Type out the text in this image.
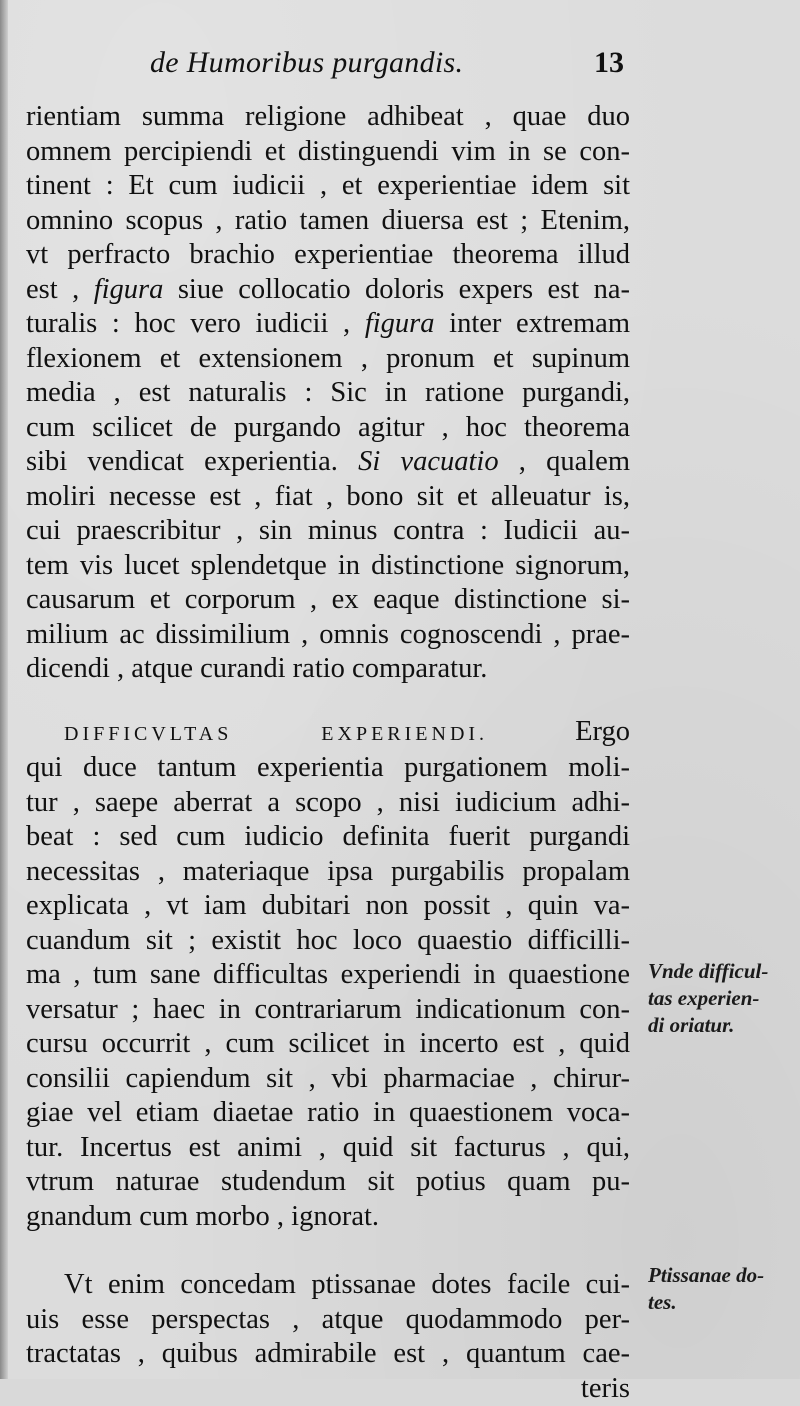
de Humoribus purgandis.	13
rientiam summa religione adhibeat , quae duo
omnem percipiendi et distinguendi vim in se con-
tinent : Et cum iudicii , et experientiae idem sit
omnino scopus , ratio tamen diuersa est ; Etenim,
vt perfracto brachio experientiae theorema illud
est , figura siue collocatio doloris expers est na-
turalis : hoc vero iudicii , figura inter extremam
flexionem et extensionem , pronum et supinum
media , est naturalis : Sic in ratione purgandi,
cum scilicet de purgando agitur , hoc theorema
sibi vendicat experientia. Si vacuatio , qualem
moliri necesse est , fiat , bono sit et alleuatur is,
cui praescribitur , sin minus contra : Iudicii au-
tem vis lucet splendetque in distinctione signorum,
causarum et corporum , ex eaque distinctione si-
milium ac dissimilium , omnis cognoscendi , prae-
dicendi , atque curandi ratio comparatur.
DIFFICVLTAS EXPERIENDI. Ergo
qui duce tantum experientia purgationem moli-
tur , saepe aberrat a scopo , nisi iudicium adhi-
beat : sed cum iudicio definita fuerit purgandi
necessitas , materiaque ipsa purgabilis propalam
explicata , vt iam dubitari non possit , quin va-
cuandum sit ; existit hoc loco quaestio difficilli-
ma , tum sane difficultas experiendi in quaestione
versatur ; haec in contrariarum indicationum con-
cursu occurrit , cum scilicet in incerto est , quid
consilii capiendum sit , vbi pharmaciae , chirur-
giae vel etiam diaetae ratio in quaestionem voca-
tur. Incertus est animi , quid sit facturus , qui,
vtrum naturae studendum sit potius quam pu-
gnandum cum morbo , ignorat.
Vt enim concedam ptissanae dotes facile cui-
uis esse perspectas , atque quodammodo per-
tractatas , quibus admirabile est , quantum cae-
teris
Vnde difficul-
tas experien-
di oriatur.
Ptissanae do-
tes.
